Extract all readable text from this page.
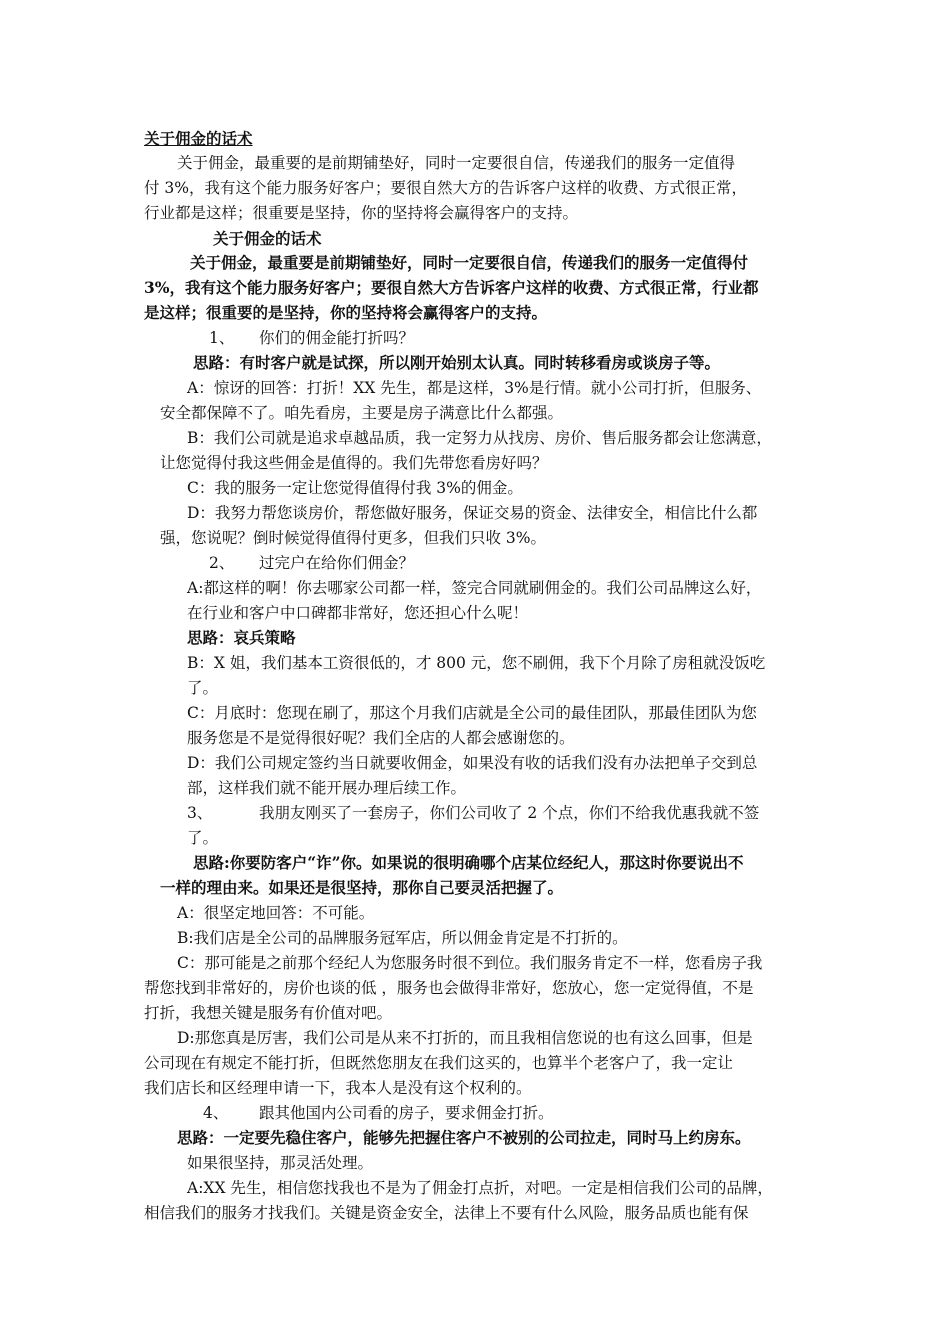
关于佣金的话术
关于佣金，最重要的是前期铺垫好，同时一定要很自信，传递我们的服务一定值得
付 3%，我有这个能力服务好客户；要很自然大方的告诉客户这样的收费、方式很正常，
行业都是这样；很重要是坚持，你的坚持将会赢得客户的支持。
关于佣金的话术
关于佣金，最重要是前期铺垫好，同时一定要很自信，传递我们的服务一定值得付
3%，我有这个能力服务好客户；要很自然大方告诉客户这样的收费、方式很正常，行业都
是这样；很重要的是坚持，你的坚持将会赢得客户的支持。
1、 你们的佣金能打折吗？
思路：有时客户就是试探，所以刚开始别太认真。同时转移看房或谈房子等。
A：惊讶的回答：打折！XX 先生，都是这样，3%是行情。就小公司打折，但服务、
安全都保障不了。咱先看房，主要是房子满意比什么都强。
B：我们公司就是追求卓越品质，我一定努力从找房、房价、售后服务都会让您满意，
让您觉得付我这些佣金是值得的。我们先带您看房好吗？
C：我的服务一定让您觉得值得付我 3%的佣金。
D：我努力帮您谈房价，帮您做好服务，保证交易的资金、法律安全，相信比什么都
强，您说呢？倒时候觉得值得付更多，但我们只收 3%。
2、 过完户在给你们佣金？
A:都这样的啊！你去哪家公司都一样，签完合同就刷佣金的。我们公司品牌这么好，
在行业和客户中口碑都非常好，您还担心什么呢！
思路：哀兵策略
B：X 姐，我们基本工资很低的，才 800 元，您不刷佣，我下个月除了房租就没饭吃
了。
C：月底时：您现在刷了，那这个月我们店就是全公司的最佳团队，那最佳团队为您
服务您是不是觉得很好呢？我们全店的人都会感谢您的。
D：我们公司规定签约当日就要收佣金，如果没有收的话我们没有办法把单子交到总
部，这样我们就不能开展办理后续工作。
3、	我朋友刚买了一套房子，你们公司收了 2 个点，你们不给我优惠我就不签
了。
思路:你要防客户“诈”你。如果说的很明确哪个店某位经纪人，那这时你要说出不
一样的理由来。如果还是很坚持，那你自己要灵活把握了。
A：很坚定地回答：不可能。
B:我们店是全公司的品牌服务冠军店，所以佣金肯定是不打折的。
C：那可能是之前那个经纪人为您服务时很不到位。我们服务肯定不一样，您看房子我
帮您找到非常好的，房价也谈的低 ，服务也会做得非常好，您放心，您一定觉得值，不是
打折，我想关键是服务有价值对吧。
D:那您真是厉害，我们公司是从来不打折的，而且我相信您说的也有这么回事，但是
公司现在有规定不能打折，但既然您朋友在我们这买的，也算半个老客户了，我一定让
我们店长和区经理申请一下，我本人是没有这个权利的。
4、 跟其他国内公司看的房子，要求佣金打折。
思路：一定要先稳住客户，能够先把握住客户不被别的公司拉走，同时马上约房东。
如果很坚持，那灵活处理。
A:XX 先生，相信您找我也不是为了佣金打点折，对吧。一定是相信我们公司的品牌，
相信我们的服务才找我们。关键是资金安全，法律上不要有什么风险，服务品质也能有保
